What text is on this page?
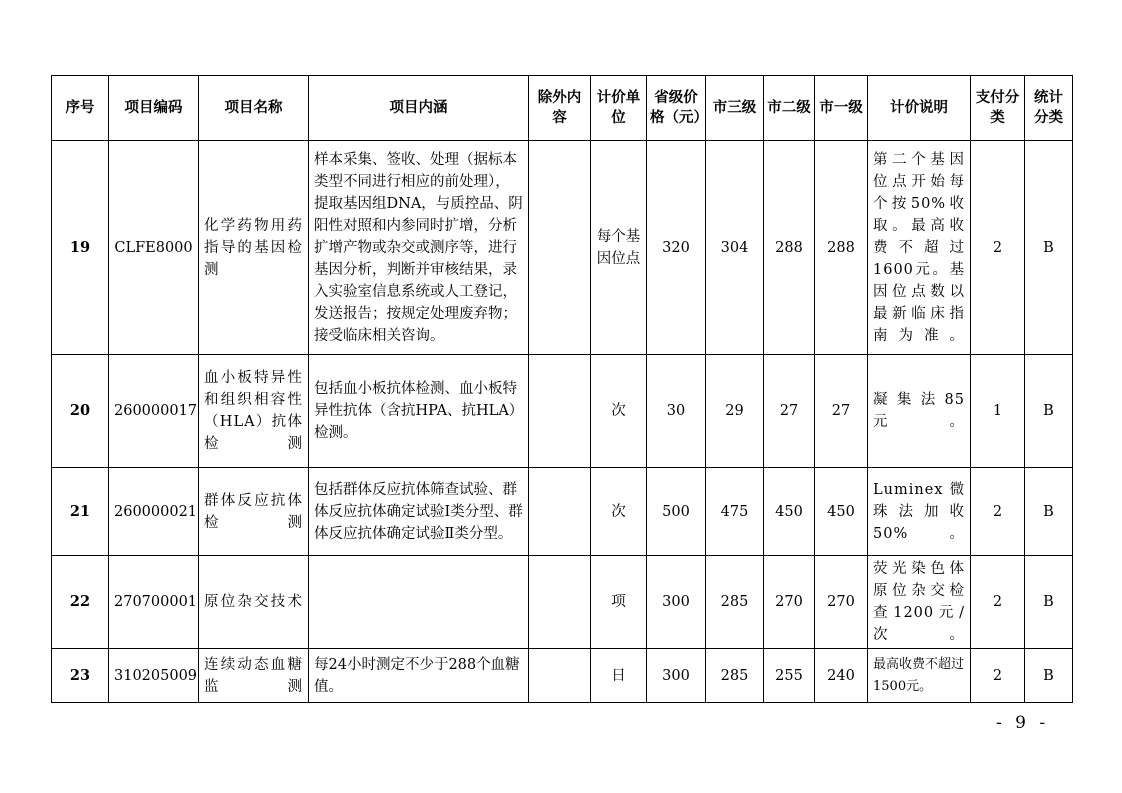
序号	项目编码	项目名称	项目内涵	除外内容	计价单位	省级价格（元）	市三级	市二级	市一级	计价说明	支付分类	统计分类
19	CLFE8000	化学药物用药指导的基因检测	样本采集、签收、处理（据标本类型不同进行相应的前处理），提取基因组DNA，与质控品、阴阳性对照和内参同时扩增，分析扩增产物或杂交或测序等，进行基因分析，判断并审核结果，录入实验室信息系统或人工登记，发送报告；按规定处理废弃物；接受临床相关咨询。		每个基因位点	320	304	288	288	第二个基因位点开始每个按50%收取。最高收费不超过1600元。基因位点数以最新临床指南为准。	2	B
20	260000017	血小板特异性和组织相容性（HLA）抗体检测	包括血小板抗体检测、血小板特异性抗体（含抗HPA、抗HLA）检测。		次	30	29	27	27	凝集法85元。	1	B
21	260000021	群体反应抗体检测	包括群体反应抗体筛查试验、群体反应抗体确定试验Ⅰ类分型、群体反应抗体确定试验Ⅱ类分型。		次	500	475	450	450	Luminex微珠法加收50%。	2	B
22	270700001	原位杂交技术			项	300	285	270	270	荧光染色体原位杂交检查1200元/次。	2	B
23	310205009	连续动态血糖监测	每24小时测定不少于288个血糖值。		日	300	285	255	240	最高收费不超过1500元。	2	B
- 9 -
